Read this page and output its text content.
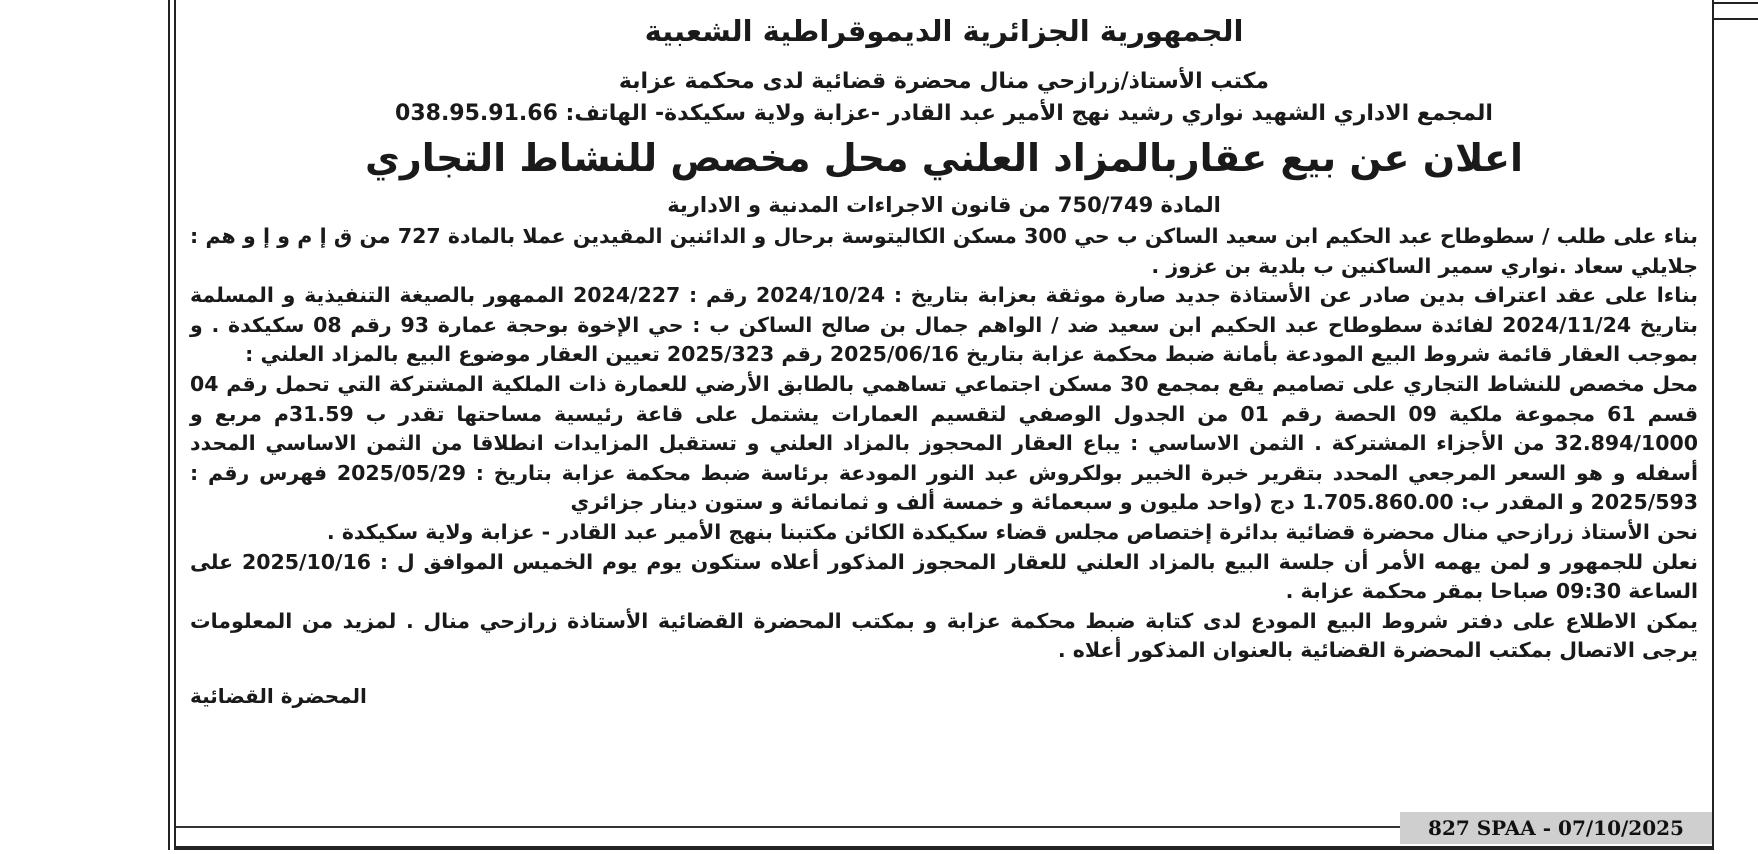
الجمهورية الجزائرية الديموقراطية الشعبية
مكتب الأستاذ/زرازحي منال محضرة قضائية لدى محكمة عزابة
المجمع الاداري الشهيد نواري رشيد نهج الأمير عبد القادر -عزابة ولاية سكيكدة- الهاتف: 038.95.91.66
اعلان عن بيع عقاربالمزاد العلني محل مخصص للنشاط التجاري
المادة 750/749 من قانون الاجراءات المدنية و الادارية

بناء على طلب / سطوطاح عبد الحكيم ابن سعيد الساكن ب حي 300 مسكن الكاليتوسة برحال و الدائنين المقيدين عملا بالمادة 727 من ق إ م و إ و هم : جلايلي سعاد .نواري سمير الساكنين ب بلدية بن عزوز .

بناءا على عقد اعتراف بدين صادر عن الأستاذة جديد صارة موثقة بعزابة بتاريخ : 2024/10/24 رقم : 2024/227 الممهور بالصيغة التنفيذية و المسلمة بتاريخ 2024/11/24 لفائدة سطوطاح عبد الحكيم ابن سعيد ضد / الواهم جمال بن صالح الساكن ب : حي الإخوة بوحجة عمارة 93 رقم 08 سكيكدة . و بموجب العقار قائمة شروط البيع المودعة بأمانة ضبط محكمة عزابة بتاريخ 2025/06/16 رقم 2025/323 تعيين العقار موضوع البيع بالمزاد العلني :

محل مخصص للنشاط التجاري على تصاميم يقع بمجمع 30 مسكن اجتماعي تساهمي بالطابق الأرضي للعمارة ذات الملكية المشتركة التي تحمل رقم 04 قسم 61 مجموعة ملكية 09 الحصة رقم 01 من الجدول الوصفي لتقسيم العمارات يشتمل على قاعة رئيسية مساحتها تقدر ب 31.59م مربع و 32.894/1000 من الأجزاء المشتركة . الثمن الاساسي : يباع العقار المحجوز بالمزاد العلني و تستقبل المزايدات انطلاقا من الثمن الاساسي المحدد أسفله و هو السعر المرجعي المحدد بتقرير خبرة الخبير بولكروش عبد النور المودعة برئاسة ضبط محكمة عزابة بتاريخ : 2025/05/29 فهرس رقم : 2025/593 و المقدر ب: 1.705.860.00 دج (واحد مليون و سبعمائة و خمسة ألف و ثمانمائة و ستون دينار جزائري

نحن الأستاذ زرازحي منال محضرة قضائية بدائرة إختصاص مجلس قضاء سكيكدة الكائن مكتبنا بنهج الأمير عبد القادر - عزابة ولاية سكيكدة .

نعلن للجمهور و لمن يهمه الأمر أن جلسة البيع بالمزاد العلني للعقار المحجوز المذكور أعلاه ستكون يوم يوم الخميس الموافق ل : 2025/10/16 على الساعة 09:30 صباحا بمقر محكمة عزابة .

يمكن الاطلاع على دفتر شروط البيع المودع لدى كتابة ضبط محكمة عزابة و بمكتب المحضرة القضائية الأستاذة زرازحي منال . لمزيد من المعلومات يرجى الاتصال بمكتب المحضرة القضائية بالعنوان المذكور أعلاه .

المحضرة القضائية
827 SPAA - 07/10/2025
